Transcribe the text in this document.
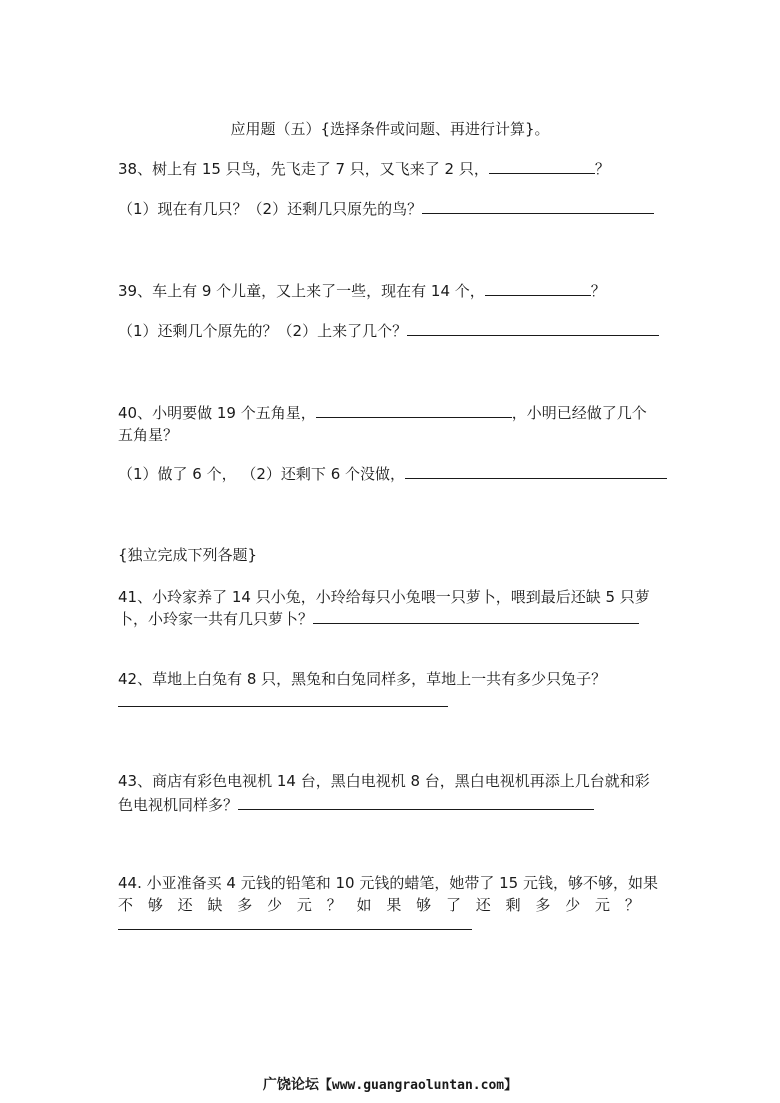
应用题（五）{选择条件或问题、再进行计算}。
38、树上有 15 只鸟，先飞走了 7 只，又飞来了 2 只，	？
（1）现在有几只？（2）还剩几只原先的鸟？
39、车上有 9 个儿童，又上来了一些，现在有 14 个，	？
（1）还剩几个原先的？（2）上来了几个？
40、小明要做 19 个五角星，	，小明已经做了几个
五角星？
（1）做了 6 个， （2）还剩下 6 个没做，
{独立完成下列各题}
41、小玲家养了 14 只小兔，小玲给每只小兔喂一只萝卜，喂到最后还缺 5 只萝
卜，小玲家一共有几只萝卜？
42、草地上白兔有 8 只，黑兔和白兔同样多，草地上一共有多少只兔子？
43、商店有彩色电视机 14 台，黑白电视机 8 台，黑白电视机再添上几台就和彩
色电视机同样多？
44. 小亚准备买 4 元钱的铅笔和 10 元钱的蜡笔，她带了 15 元钱，够不够，如果
不 够 还 缺 多 少 元 ？ 如 果 够 了 还 剩 多 少 元 ？
广饶论坛【www.guangraoluntan.com】
